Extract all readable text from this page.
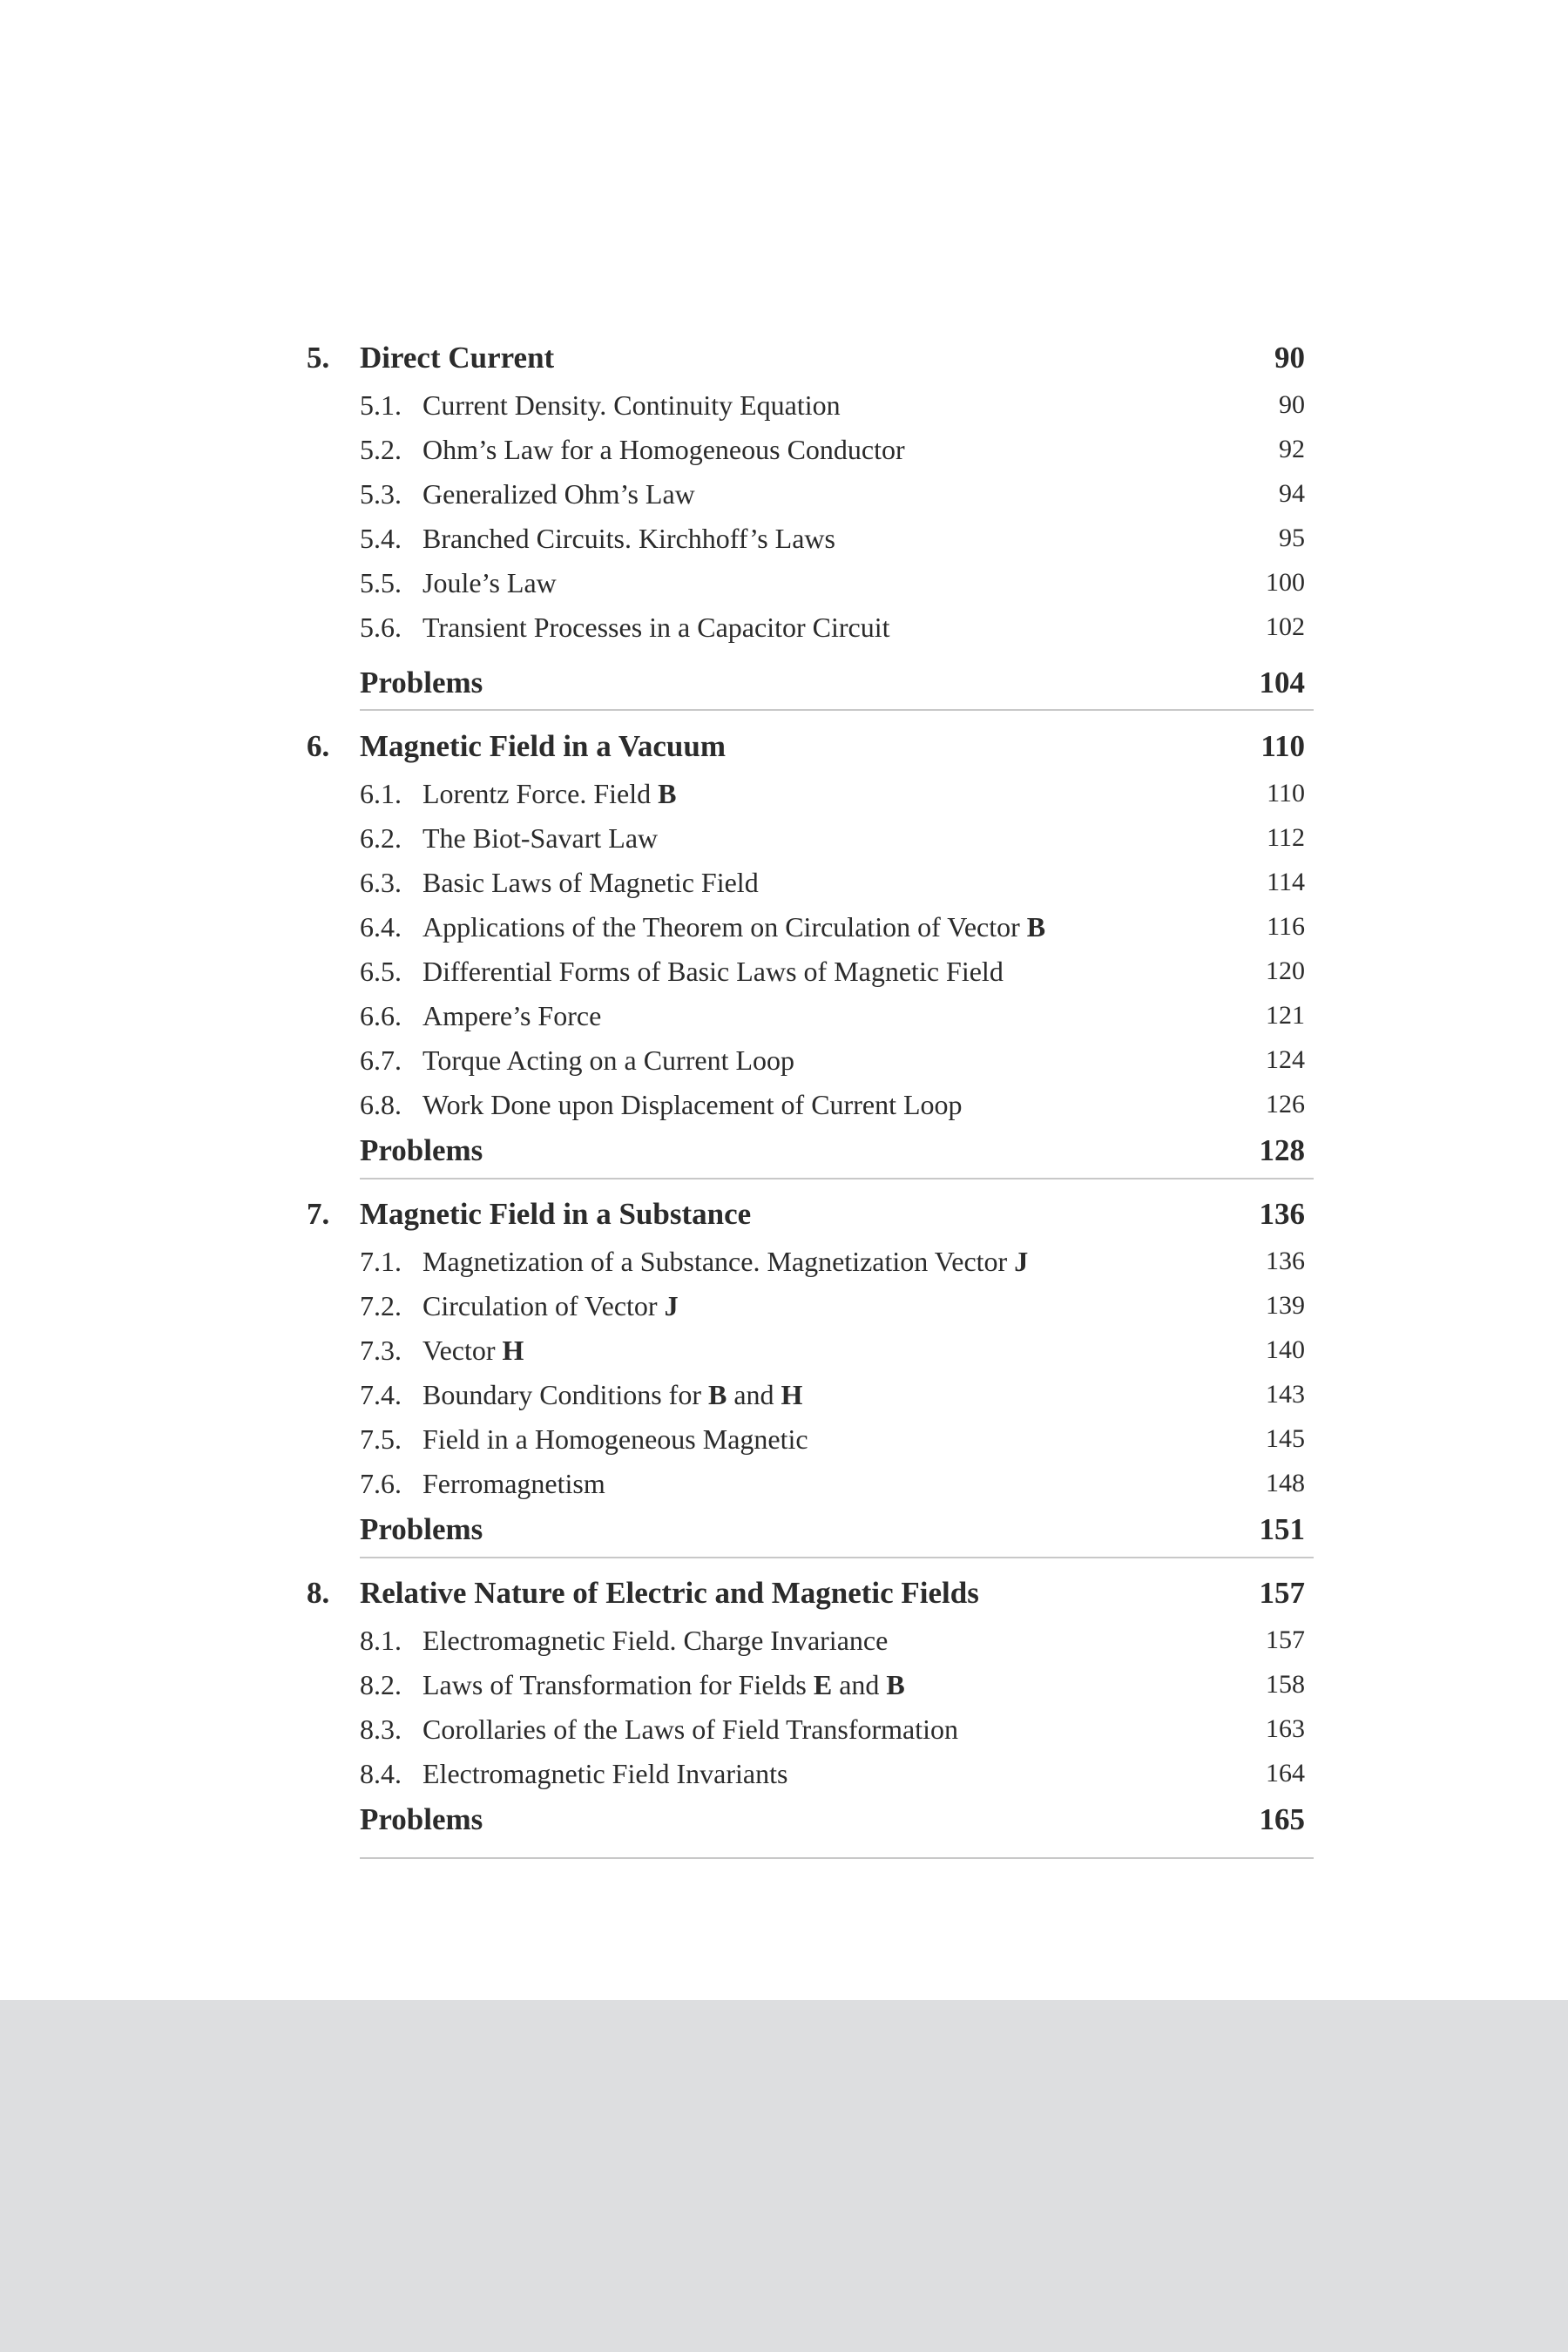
5. Direct Current	90
5.1. Current Density. Continuity Equation	90
5.2. Ohm’s Law for a Homogeneous Conductor	92
5.3. Generalized Ohm’s Law	94
5.4. Branched Circuits. Kirchhoff’s Laws	95
5.5. Joule’s Law	100
5.6. Transient Processes in a Capacitor Circuit	102
Problems	104
6. Magnetic Field in a Vacuum	110
6.1. Lorentz Force. Field B	110
6.2. The Biot-Savart Law	112
6.3. Basic Laws of Magnetic Field	114
6.4. Applications of the Theorem on Circulation of Vector B	116
6.5. Differential Forms of Basic Laws of Magnetic Field	120
6.6. Ampere’s Force	121
6.7. Torque Acting on a Current Loop	124
6.8. Work Done upon Displacement of Current Loop	126
Problems	128
7. Magnetic Field in a Substance	136
7.1. Magnetization of a Substance. Magnetization Vector J	136
7.2. Circulation of Vector J	139
7.3. Vector H	140
7.4. Boundary Conditions for B and H	143
7.5. Field in a Homogeneous Magnetic	145
7.6. Ferromagnetism	148
Problems	151
8. Relative Nature of Electric and Magnetic Fields	157
8.1. Electromagnetic Field. Charge Invariance	157
8.2. Laws of Transformation for Fields E and B	158
8.3. Corollaries of the Laws of Field Transformation	163
8.4. Electromagnetic Field Invariants	164
Problems	165
